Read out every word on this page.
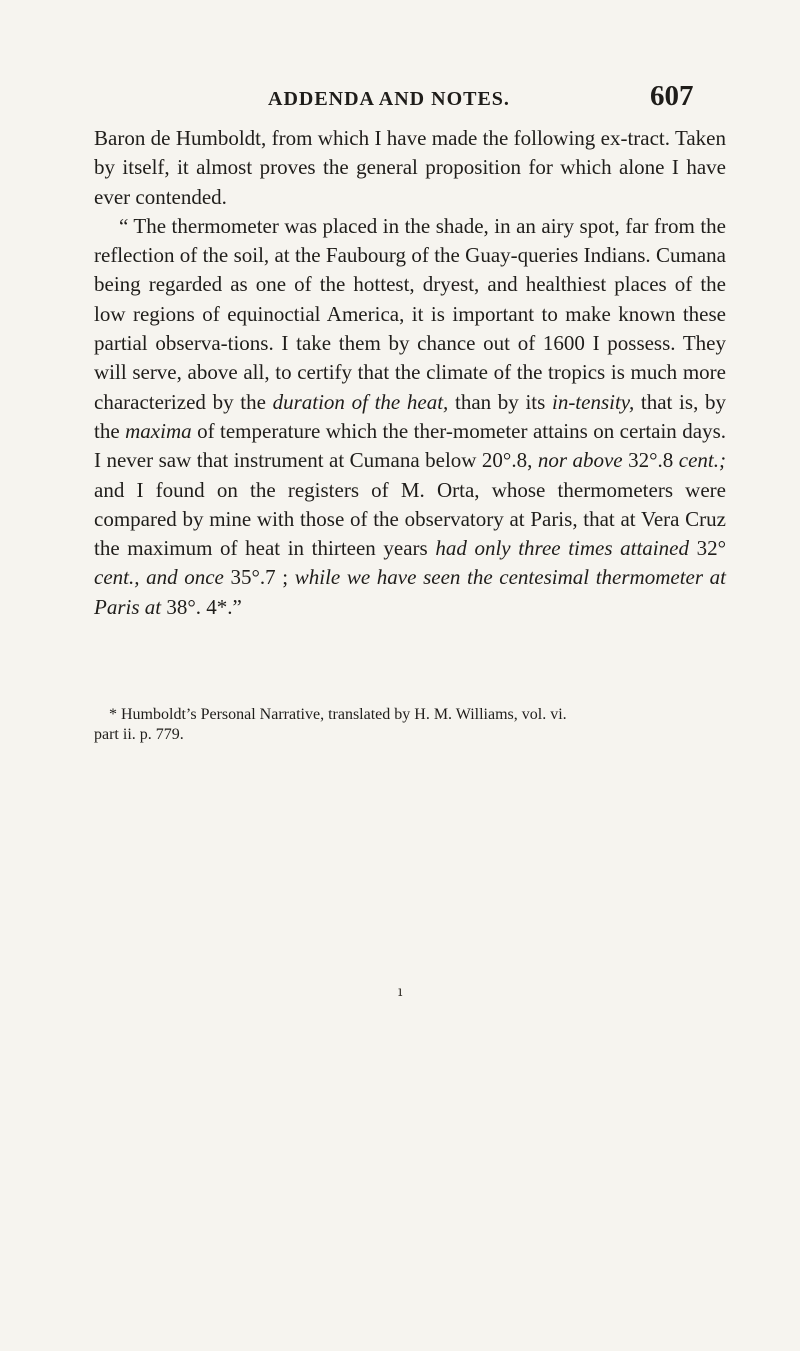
ADDENDA AND NOTES.	607

Baron de Humboldt, from which I have made the following ex-tract. Taken by itself, it almost proves the general proposition for which alone I have ever contended.

“ The thermometer was placed in the shade, in an airy spot, far from the reflection of the soil, at the Faubourg of the Guay-queries Indians. Cumana being regarded as one of the hottest, dryest, and healthiest places of the low regions of equinoctial America, it is important to make known these partial observa-tions. I take them by chance out of 1600 I possess. They will serve, above all, to certify that the climate of the tropics is much more characterized by the duration of the heat, than by its in-tensity, that is, by the maxima of temperature which the ther-mometer attains on certain days. I never saw that instrument at Cumana below 20°.8, nor above 32°.8 cent.; and I found on the registers of M. Orta, whose thermometers were compared by mine with those of the observatory at Paris, that at Vera Cruz the maximum of heat in thirteen years had only three times attained 32° cent., and once 35°.7 ; while we have seen the centesimal thermometer at Paris at 38°. 4*.”

* Humboldt’s Personal Narrative, translated by H. M. Williams, vol. vi.
part ii. p. 779.
ı
